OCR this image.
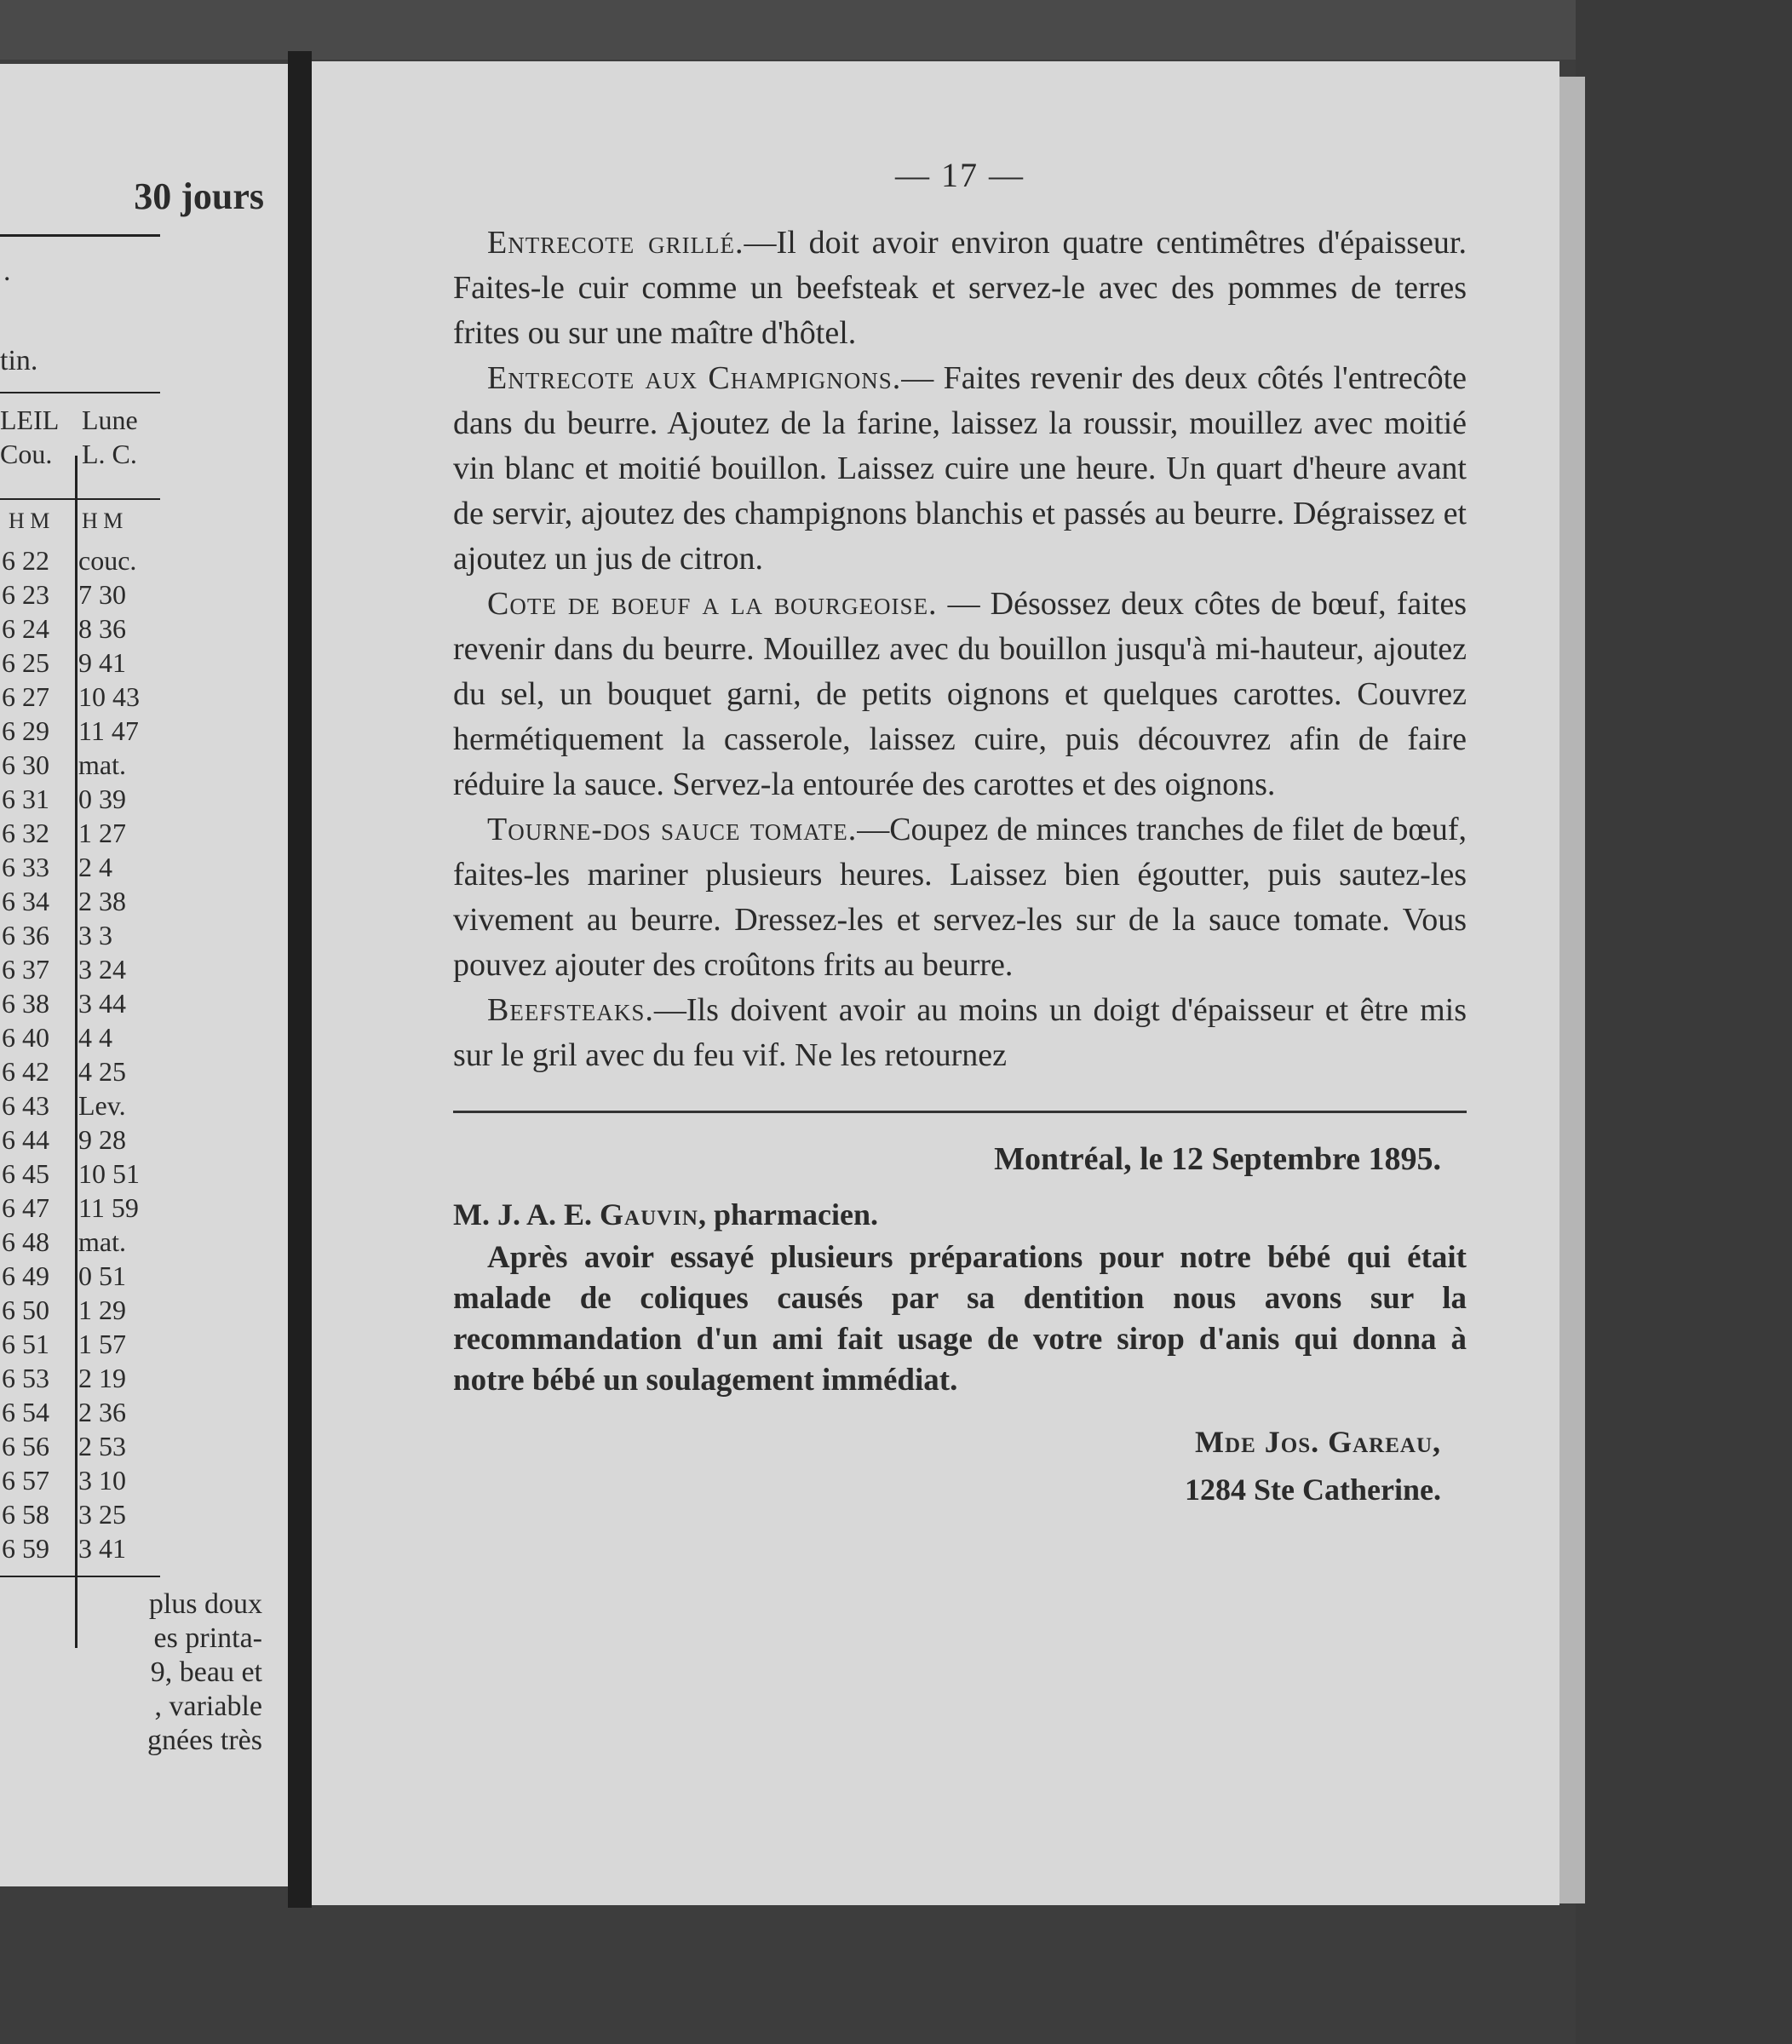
30 jours
.
tin.
LEIL
Cou.
Lune
L. C.
H M H M
6 22 couc.
6 23 7 30
6 24 8 36
6 25 9 41
6 27 10 43
6 29 11 47
6 30 mat.
6 31 0 39
6 32 1 27
6 33 2 4
6 34 2 38
6 36 3 3
6 37 3 24
6 38 3 44
6 40 4 4
6 42 4 25
6 43 Lev.
6 44 9 28
6 45 10 51
6 47 11 59
6 48 mat.
6 49 0 51
6 50 1 29
6 51 1 57
6 53 2 19
6 54 2 36
6 56 2 53
6 57 3 10
6 58 3 25
6 59 3 41
plus doux
es printa-
9, beau et
, variable
gnées très
— 17 —

Entrecote grillé.—Il doit avoir environ quatre centimêtres d'épaisseur. Faites-le cuir comme un beefsteak et servez-le avec des pommes de terres frites ou sur une maître d'hôtel.

Entrecote aux Champignons.— Faites revenir des deux côtés l'entrecôte dans du beurre. Ajoutez de la farine, laissez la roussir, mouillez avec moitié vin blanc et moitié bouillon. Laissez cuire une heure. Un quart d'heure avant de servir, ajoutez des champignons blanchis et passés au beurre. Dégraissez et ajoutez un jus de citron.

Cote de boeuf a la bourgeoise. — Désossez deux côtes de bœuf, faites revenir dans du beurre. Mouillez avec du bouillon jusqu'à mi-hauteur, ajoutez du sel, un bouquet garni, de petits oignons et quelques carottes. Couvrez hermétiquement la casserole, laissez cuire, puis découvrez afin de faire réduire la sauce. Servez-la entourée des carottes et des oignons.

Tourne-dos sauce tomate.—Coupez de minces tranches de filet de bœuf, faites-les mariner plusieurs heures. Laissez bien égoutter, puis sautez-les vivement au beurre. Dressez-les et servez-les sur de la sauce tomate. Vous pouvez ajouter des croûtons frits au beurre.

Beefsteaks.—Ils doivent avoir au moins un doigt d'épaisseur et être mis sur le gril avec du feu vif. Ne les retournez

Montréal, le 12 Septembre 1895.
M. J. A. E. Gauvin, pharmacien.

Après avoir essayé plusieurs préparations pour notre bébé qui était malade de coliques causés par sa dentition nous avons sur la recommandation d'un ami fait usage de votre sirop d'anis qui donna à notre bébé un soulagement immédiat.

Mde Jos. Gareau,
1284 Ste Catherine.
